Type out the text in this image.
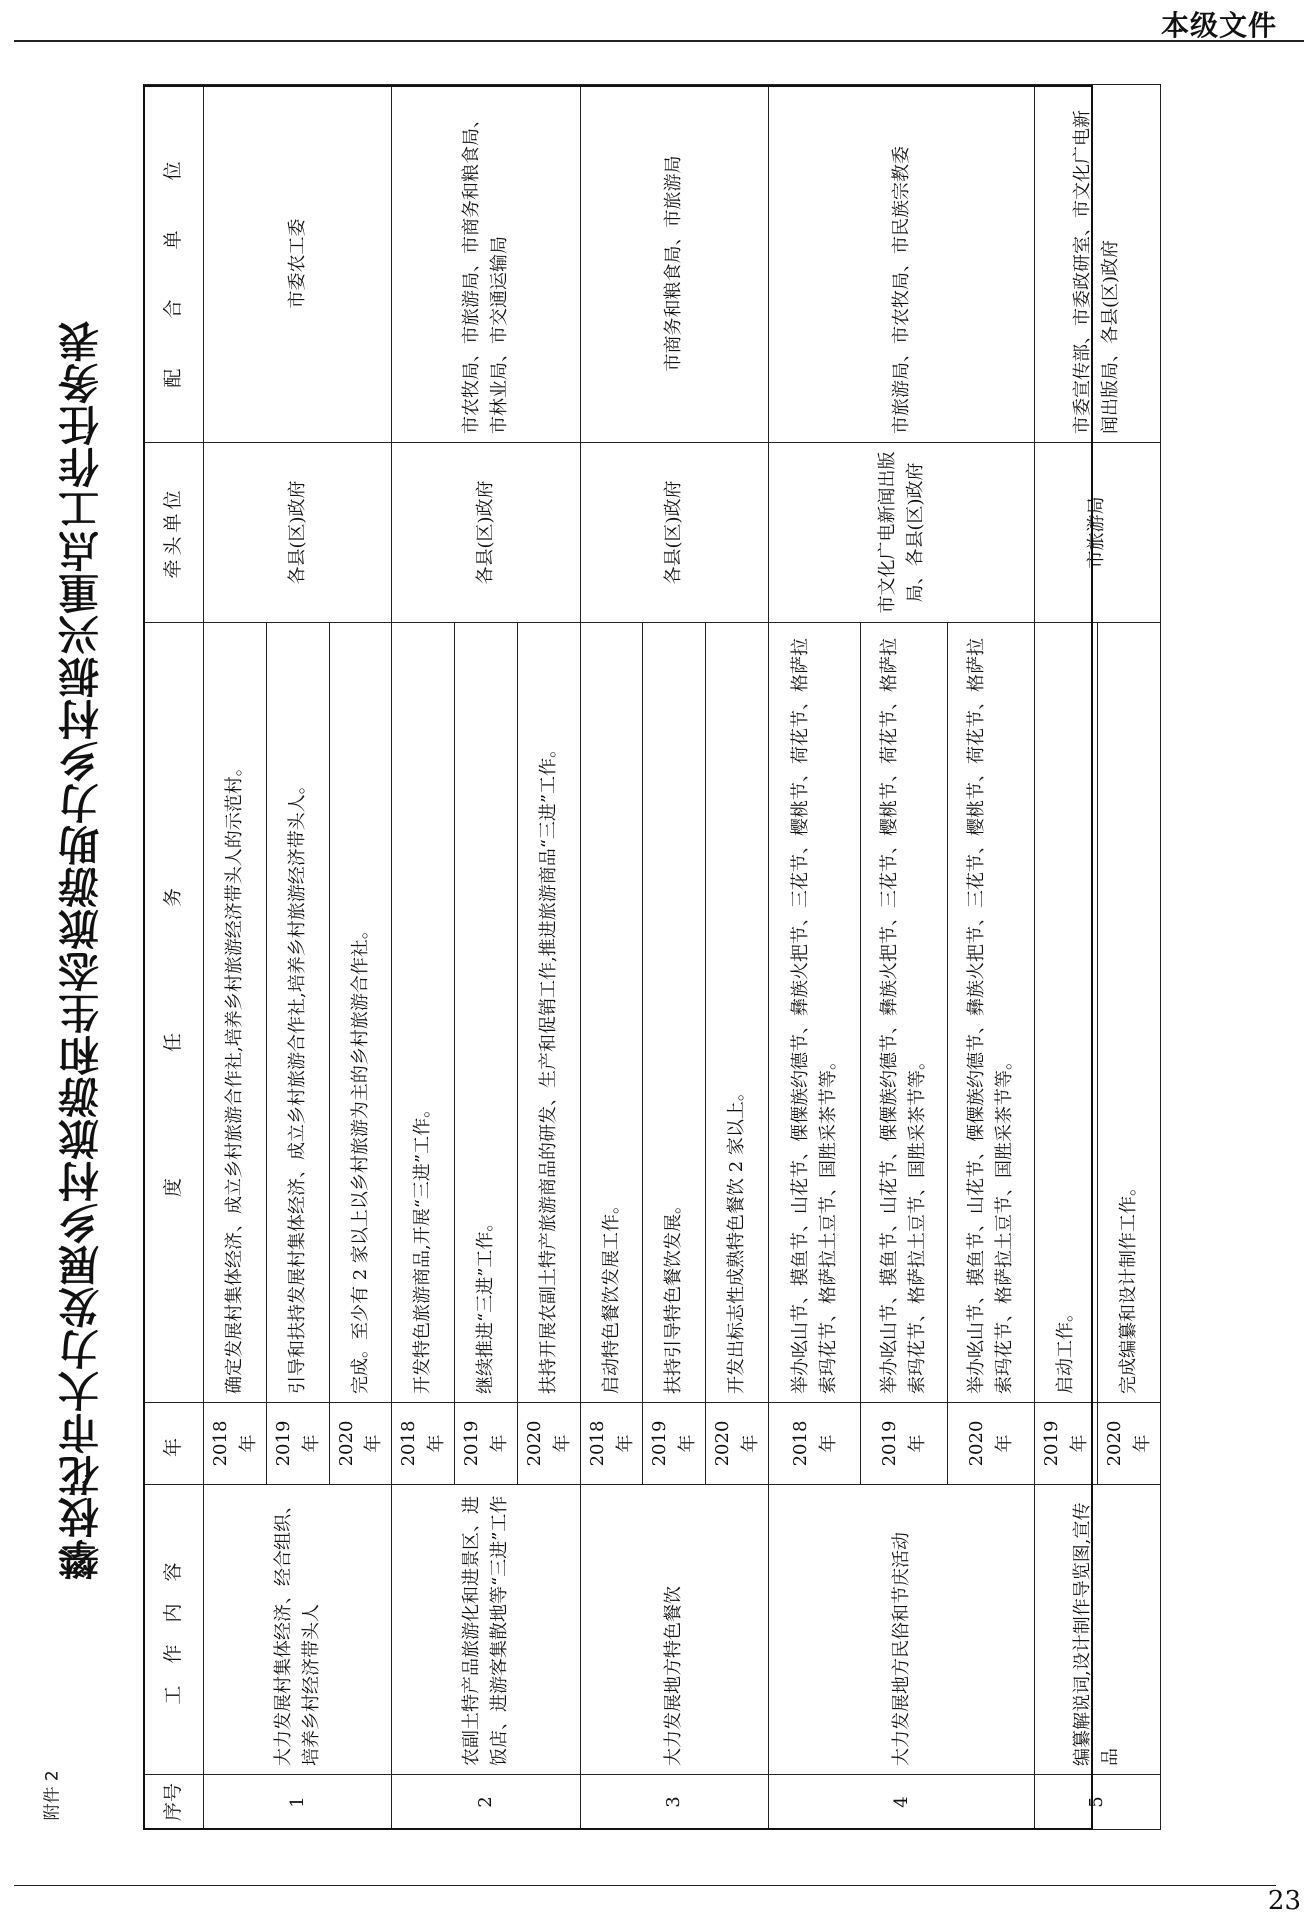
本级文件
附件 2
攀枝花市大力发展乡村旅游和生态旅游助力乡村振兴重点工作任务表
序号	工 作 内 容	年	度 任 务	牵头单位	配 合 单 位
1	大力发展村集体经济、经合组织、培养乡村经济带头人	2018 年	确定发展村集体经济、成立乡村旅游合作社,培养乡村旅游经济带头人的示范村。	各县(区)政府	市委农工委
		2019 年	引导和扶持发展村集体经济、成立乡村旅游合作社,培养乡村旅游经济带头人。		
		2020 年	完成。至少有 2 家以上以乡村旅游为主的乡村旅游合作社。		
2	农副土特产品旅游化和进景区、进饭店、进游客集散地等“三进”工作	2018 年	开发特色旅游商品,开展“三进”工作。	各县(区)政府	市农牧局、市旅游局、市商务和粮食局、市林业局、市交通运输局
		2019 年	继续推进“三进”工作。		
		2020 年	扶持开展农副土特产旅游商品的研发、生产和促销工作,推进旅游商品“三进”工作。		
3	大力发展地方特色餐饮	2018 年	启动特色餐饮发展工作。	各县(区)政府	市商务和粮食局、市旅游局
		2019 年	扶持引导特色餐饮发展。		
		2020 年	开发出标志性成熟特色餐饮 2 家以上。		
4	大力发展地方民俗和节庆活动	2018 年	举办吆山节、摸鱼节、山花节、傈僳族约德节、彝族火把节、三花节、樱桃节、荷花节、格萨拉索玛花节、格萨拉土豆节、国胜采茶节等。	市文化广电新闻出版局、各县(区)政府	市旅游局、市农牧局、市民族宗教委
		2019 年	举办吆山节、摸鱼节、山花节、傈僳族约德节、彝族火把节、三花节、樱桃节、荷花节、格萨拉索玛花节、格萨拉土豆节、国胜采茶节等。		
		2020 年	举办吆山节、摸鱼节、山花节、傈僳族约德节、彝族火把节、三花节、樱桃节、荷花节、格萨拉索玛花节、格萨拉土豆节、国胜采茶节等。		
5	编纂解说词,设计制作导览图,宣传品	2019 年	启动工作。	市旅游局	市委宣传部、市委政研室、市文化广电新闻出版局、各县(区)政府
		2020 年	完成编纂和设计制作工作。		
23
